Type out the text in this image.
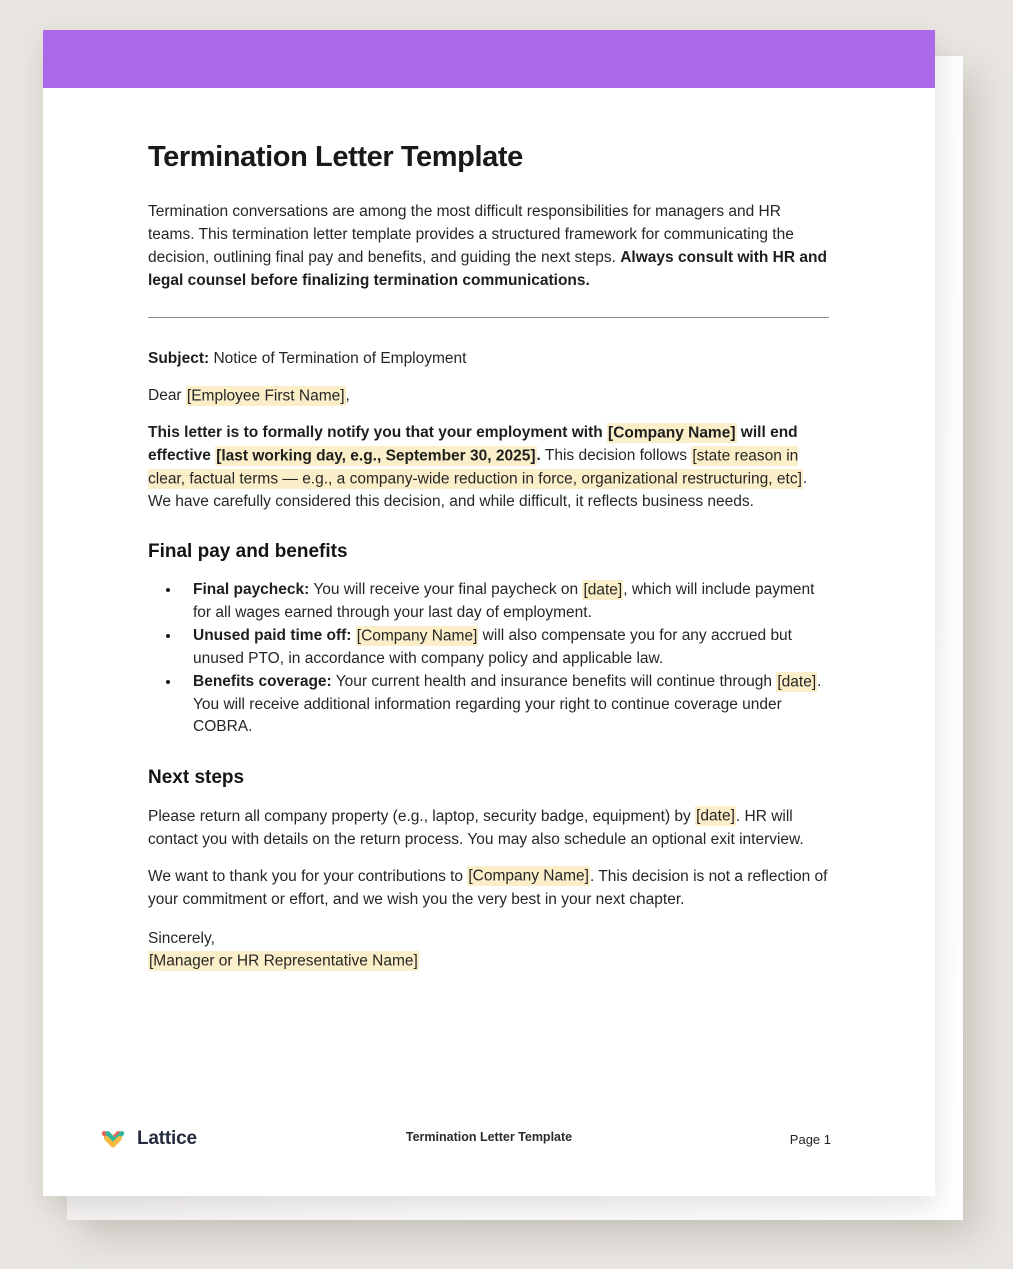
Termination Letter Template

Termination conversations are among the most difficult responsibilities for managers and HR teams. This termination letter template provides a structured framework for communicating the decision, outlining final pay and benefits, and guiding the next steps. Always consult with HR and legal counsel before finalizing termination communications.

Subject: Notice of Termination of Employment

Dear [Employee First Name],

This letter is to formally notify you that your employment with [Company Name] will end effective [last working day, e.g., September 30, 2025]. This decision follows [state reason in clear, factual terms — e.g., a company-wide reduction in force, organizational restructuring, etc]. We have carefully considered this decision, and while difficult, it reflects business needs.

Final pay and benefits
• Final paycheck: You will receive your final paycheck on [date], which will include payment for all wages earned through your last day of employment.
• Unused paid time off: [Company Name] will also compensate you for any accrued but unused PTO, in accordance with company policy and applicable law.
• Benefits coverage: Your current health and insurance benefits will continue through [date]. You will receive additional information regarding your right to continue coverage under COBRA.
Next steps

Please return all company property (e.g., laptop, security badge, equipment) by [date]. HR will contact you with details on the return process. You may also schedule an optional exit interview.

We want to thank you for your contributions to [Company Name]. This decision is not a reflection of your commitment or effort, and we wish you the very best in your next chapter.

Sincerely,
[Manager or HR Representative Name]

Lattice	Termination Letter Template	Page 1
